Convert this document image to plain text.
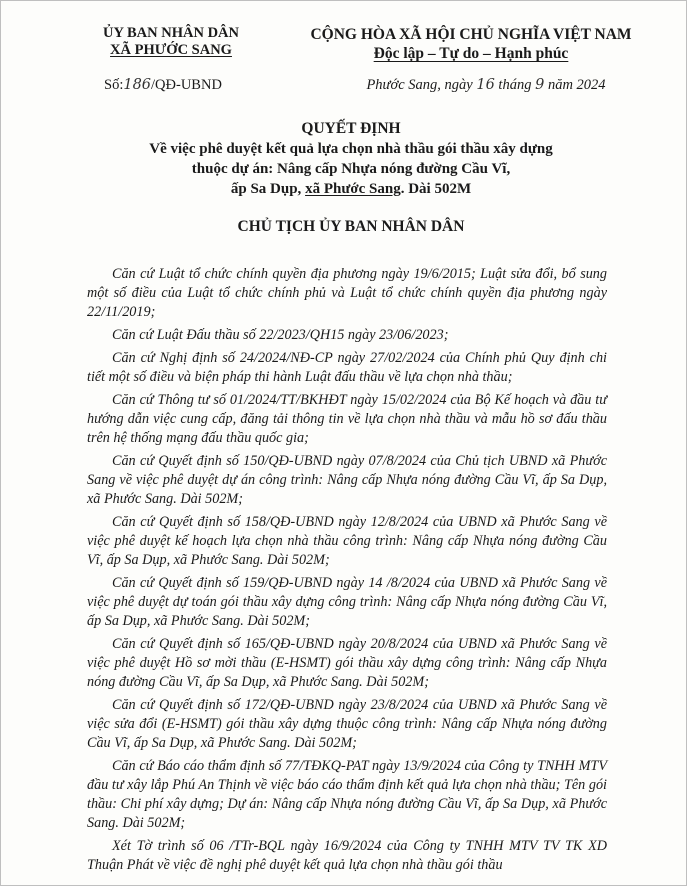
ỦY BAN NHÂN DÂN
XÃ PHƯỚC SANG
CỘNG HÒA XÃ HỘI CHỦ NGHĨA VIỆT NAM
Độc lập – Tự do – Hạnh phúc
Số:186/QĐ-UBND	Phước Sang, ngày 16 tháng 9 năm 2024
QUYẾT ĐỊNH
Về việc phê duyệt kết quả lựa chọn nhà thầu gói thầu xây dựng
thuộc dự án: Nâng cấp Nhựa nóng đường Cầu Vĩ,
ấp Sa Dụp, xã Phước Sang. Dài 502M
CHỦ TỊCH ỦY BAN NHÂN DÂN

Căn cứ Luật tổ chức chính quyền địa phương ngày 19/6/2015; Luật sửa đổi, bổ sung một số điều của Luật tổ chức chính phủ và Luật tổ chức chính quyền địa phương ngày 22/11/2019;

Căn cứ Luật Đấu thầu số 22/2023/QH15 ngày 23/06/2023;

Căn cứ Nghị định số 24/2024/NĐ-CP ngày 27/02/2024 của Chính phủ Quy định chi tiết một số điều và biện pháp thi hành Luật đấu thầu về lựa chọn nhà thầu;

Căn cứ Thông tư số 01/2024/TT/BKHĐT ngày 15/02/2024 của Bộ Kế hoạch và đầu tư hướng dẫn việc cung cấp, đăng tải thông tin về lựa chọn nhà thầu và mẫu hồ sơ đấu thầu trên hệ thống mạng đấu thầu quốc gia;

Căn cứ Quyết định số 150/QĐ-UBND ngày 07/8/2024 của Chủ tịch UBND xã Phước Sang về việc phê duyệt dự án công trình: Nâng cấp Nhựa nóng đường Cầu Vĩ, ấp Sa Dụp, xã Phước Sang. Dài 502M;

Căn cứ Quyết định số 158/QĐ-UBND ngày 12/8/2024 của UBND xã Phước Sang về việc phê duyệt kế hoạch lựa chọn nhà thầu công trình: Nâng cấp Nhựa nóng đường Cầu Vĩ, ấp Sa Dụp, xã Phước Sang. Dài 502M;

Căn cứ Quyết định số 159/QĐ-UBND ngày 14 /8/2024 của UBND xã Phước Sang về việc phê duyệt dự toán gói thầu xây dựng công trình: Nâng cấp Nhựa nóng đường Cầu Vĩ, ấp Sa Dụp, xã Phước Sang. Dài 502M;

Căn cứ Quyết định số 165/QĐ-UBND ngày 20/8/2024 của UBND xã Phước Sang về việc phê duyệt Hồ sơ mời thầu (E-HSMT) gói thầu xây dựng công trình: Nâng cấp Nhựa nóng đường Cầu Vĩ, ấp Sa Dụp, xã Phước Sang. Dài 502M;

Căn cứ Quyết định số 172/QĐ-UBND ngày 23/8/2024 của UBND xã Phước Sang về việc sửa đổi (E-HSMT) gói thầu xây dựng thuộc công trình: Nâng cấp Nhựa nóng đường Cầu Vĩ, ấp Sa Dụp, xã Phước Sang. Dài 502M;

Căn cứ Báo cáo thẩm định số 77/TĐKQ-PAT ngày 13/9/2024 của Công ty TNHH MTV đầu tư xây lắp Phú An Thịnh về việc báo cáo thẩm định kết quả lựa chọn nhà thầu; Tên gói thầu: Chi phí xây dựng; Dự án: Nâng cấp Nhựa nóng đường Cầu Vĩ, ấp Sa Dụp, xã Phước Sang. Dài 502M;

Xét Tờ trình số 06 /TTr-BQL ngày 16/9/2024 của Công ty TNHH MTV TV TK XD Thuận Phát về việc đề nghị phê duyệt kết quả lựa chọn nhà thầu gói thầu
